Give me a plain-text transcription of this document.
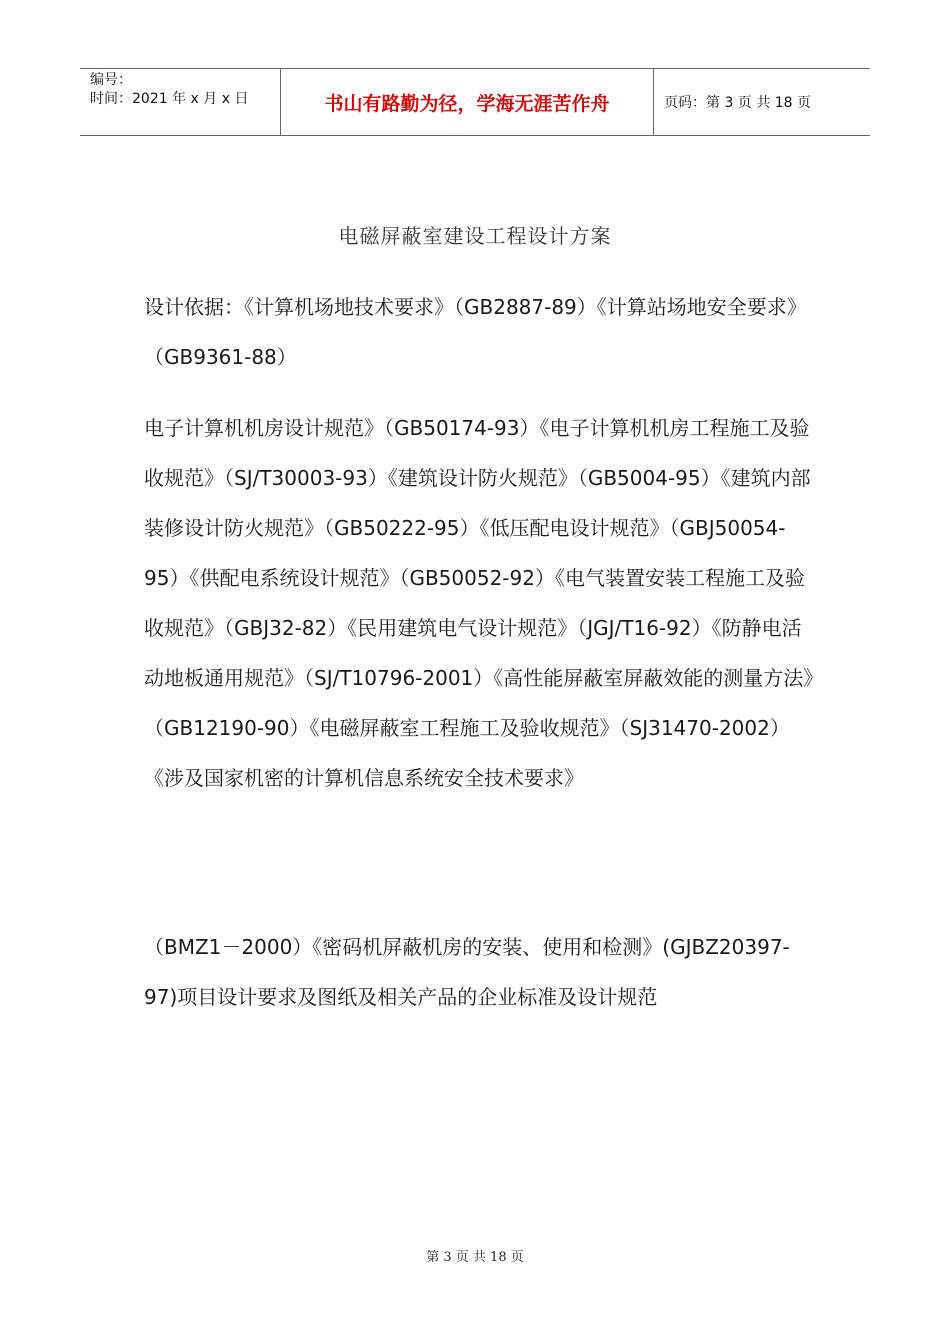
编号：
时间：2021 年 x 月 x 日	书山有路勤为径，学海无涯苦作舟	页码：第 3 页 共 18 页
电磁屏蔽室建设工程设计方案

设计依据：《计算机场地技术要求》（GB2887-89）《计算站场地安全要求》（GB9361-88）

电子计算机机房设计规范》（GB50174-93）《电子计算机机房工程施工及验收规范》（SJ/T30003-93）《建筑设计防火规范》（GB5004-95）《建筑内部装修设计防火规范》（GB50222-95）《低压配电设计规范》（GBJ50054-95）《供配电系统设计规范》（GB50052-92）《电气装置安装工程施工及验收规范》（GBJ32-82）《民用建筑电气设计规范》（JGJ/T16-92）《防静电活动地板通用规范》（SJ/T10796-2001）《高性能屏蔽室屏蔽效能的测量方法》（GB12190-90）《电磁屏蔽室工程施工及验收规范》（SJ31470-2002）《涉及国家机密的计算机信息系统安全技术要求》

（BMZ1－2000）《密码机屏蔽机房的安装、使用和检测》(GJBZ20397-97)项目设计要求及图纸及相关产品的企业标准及设计规范

第 3 页 共 18 页
